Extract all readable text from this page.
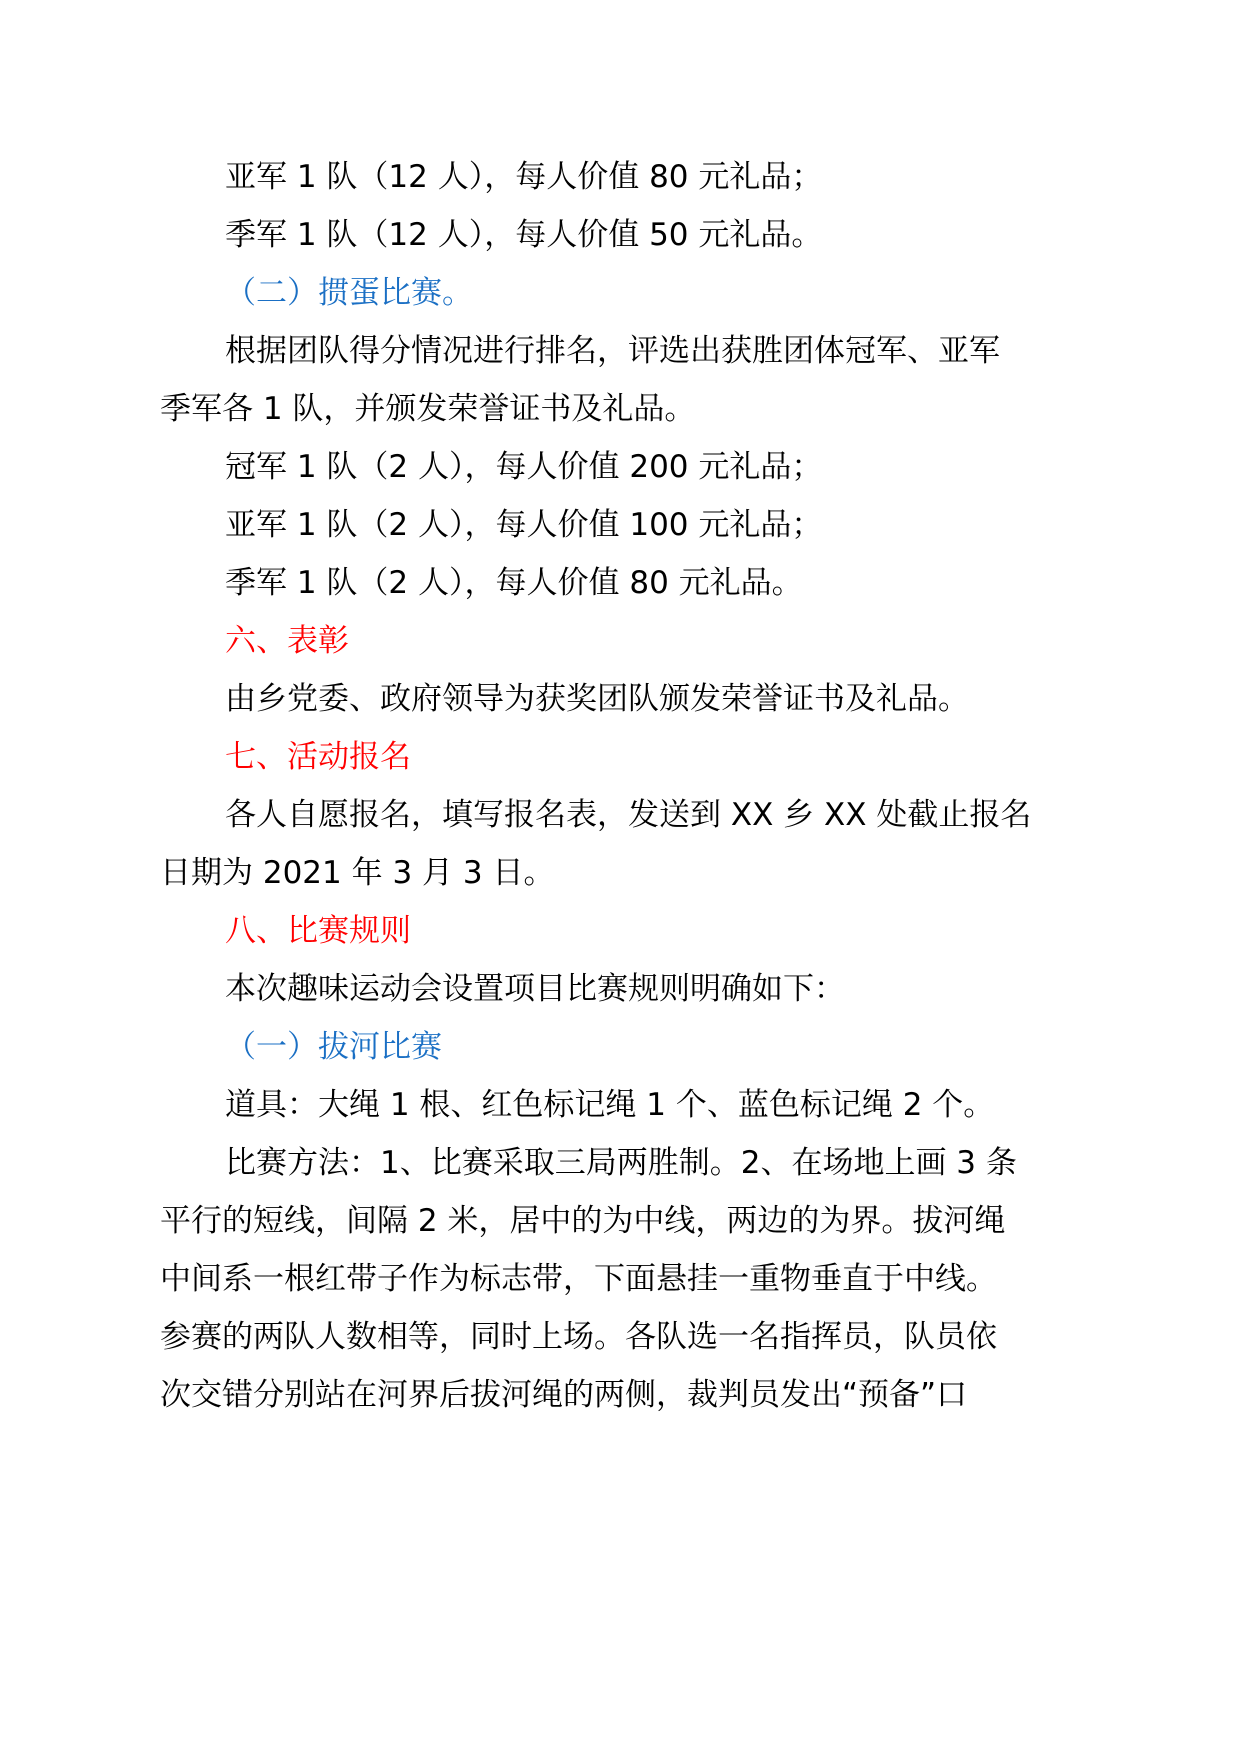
亚军 1 队（12 人），每人价值 80 元礼品；
季军 1 队（12 人），每人价值 50 元礼品。
（二）掼蛋比赛。
根据团队得分情况进行排名，评选出获胜团体冠军、亚军
季军各 1 队，并颁发荣誉证书及礼品。
冠军 1 队（2 人），每人价值 200 元礼品；
亚军 1 队（2 人），每人价值 100 元礼品；
季军 1 队（2 人），每人价值 80 元礼品。
六、表彰
由乡党委、政府领导为获奖团队颁发荣誉证书及礼品。
七、活动报名
各人自愿报名，填写报名表，发送到 XX 乡 XX 处截止报名
日期为 2021 年 3 月 3 日。
八、比赛规则
本次趣味运动会设置项目比赛规则明确如下：
（一）拔河比赛
道具：大绳 1 根、红色标记绳 1 个、蓝色标记绳 2 个。
比赛方法：1、比赛采取三局两胜制。2、在场地上画 3 条
平行的短线，间隔 2 米，居中的为中线，两边的为界。拔河绳
中间系一根红带子作为标志带，下面悬挂一重物垂直于中线。
参赛的两队人数相等，同时上场。各队选一名指挥员，队员依
次交错分别站在河界后拔河绳的两侧，裁判员发出“预备”口
